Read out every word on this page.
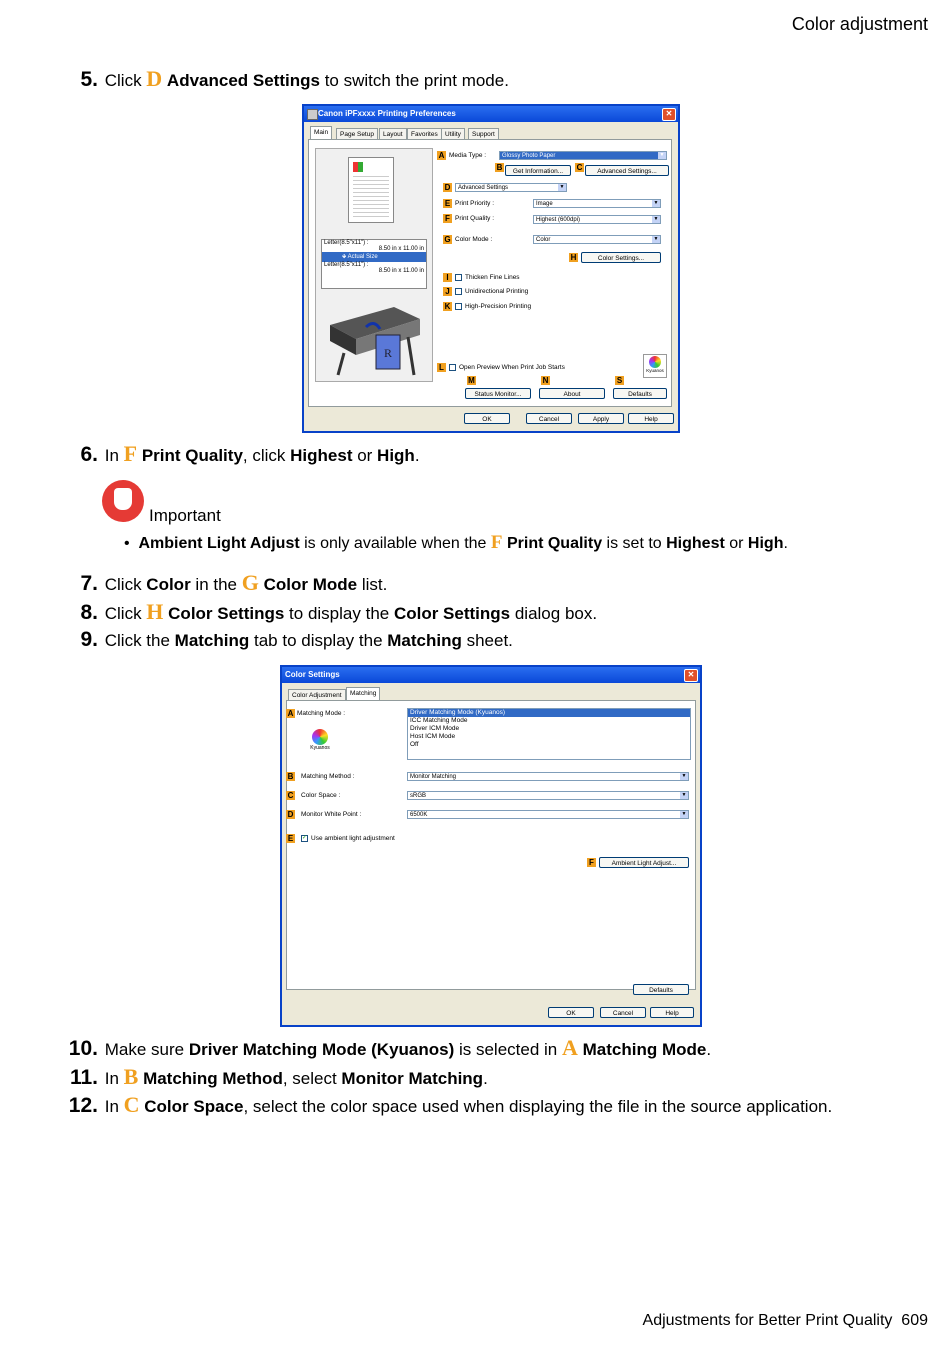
Color adjustment
5. Click D Advanced Settings to switch the print mode.
Canon iPFxxxx Printing Preferences	✕
Main	Page Setup	Layout	Favorites	Utility	Support
Letter(8.5"x11") :
8.50 in x 11.00 in
🡻 Actual Size
Letter(8.5"x11") :
8.50 in x 11.00 in
R
A Media Type :	Glossy Photo Paper	▼
B	Get Information...	C	Advanced Settings...
D	Advanced Settings	▼
E Print Priority :	Image	▼
F Print Quality :	Highest (600dpi)	▼
G Color Mode :	Color	▼
H	Color Settings...
I	Thicken Fine Lines
J	Unidirectional Printing
K High-Precision Printing
L	Open Preview When Print Job Starts	Kyuanos
M	N	S
Status Monitor...	About	Defaults
OK	Cancel	Apply	Help
6. In F Print Quality, click Highest or High.
Important
•  Ambient Light Adjust is only available when the F Print Quality is set to Highest or High.
7. Click Color in the G Color Mode list.
8. Click H Color Settings to display the Color Settings dialog box.
9. Click the Matching tab to display the Matching sheet.
Color Settings	✕
Color Adjustment	Matching
A Matching Mode :
Kyuanos
Driver Matching Mode (Kyuanos)
ICC Matching Mode
Driver ICM Mode
Host ICM Mode
Off
B Matching Method :	Monitor Matching	▼
C Color Space :	sRGB	▼
D Monitor White Point :	6500K	▼
E	✓ Use ambient light adjustment
F	Ambient Light Adjust...
Defaults
OK	Cancel	Help
10. Make sure Driver Matching Mode (Kyuanos) is selected in A Matching Mode.
11. In B Matching Method, select Monitor Matching.
12. In C Color Space, select the color space used when displaying the file in the source application.
Adjustments for Better Print Quality 609
